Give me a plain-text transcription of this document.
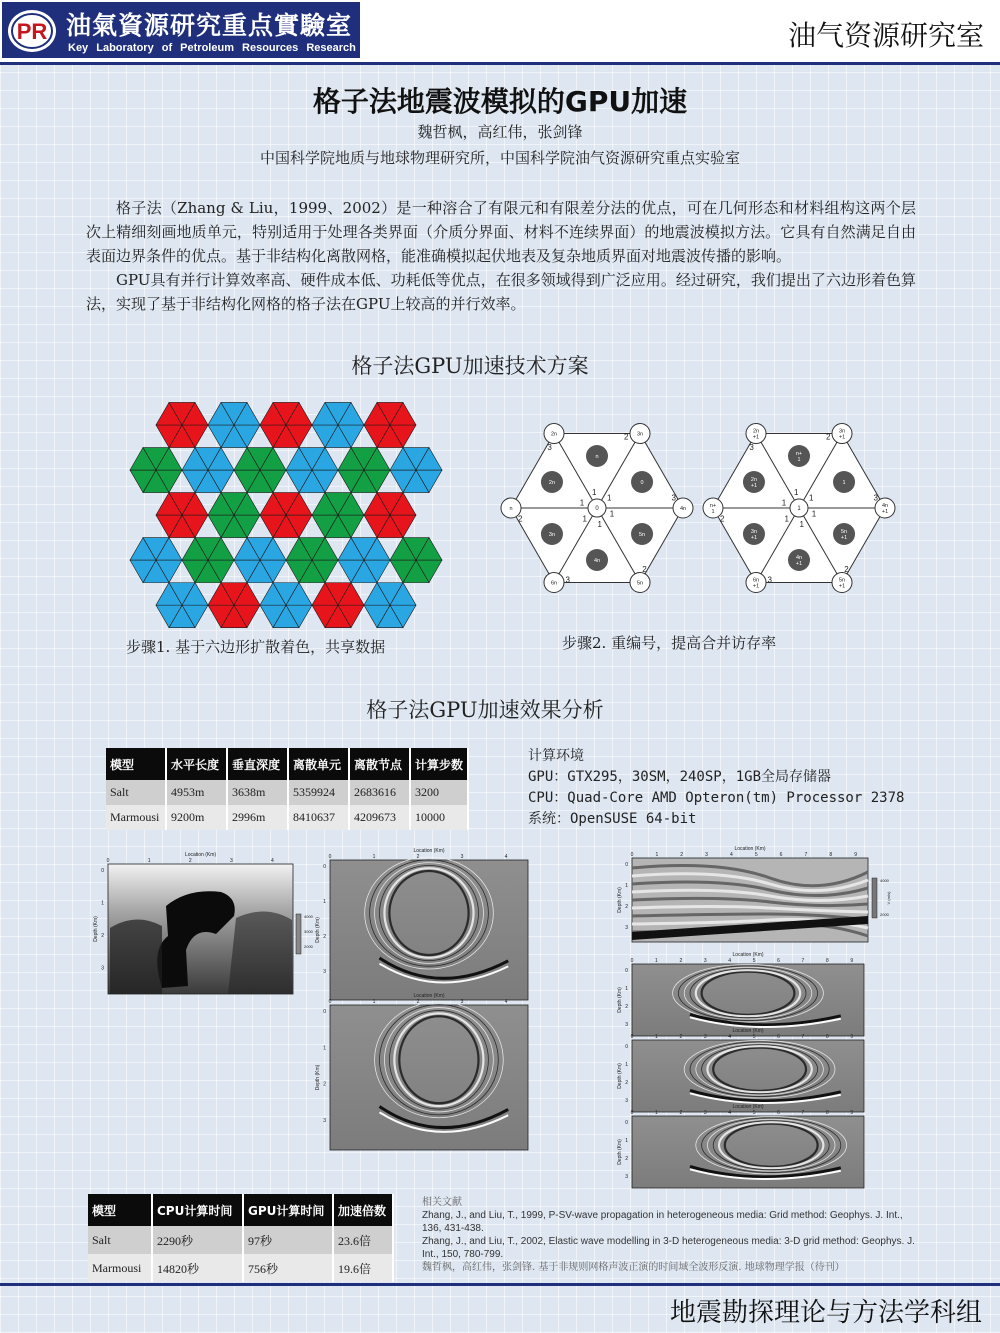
PR 油氣資源研究重点實驗室
Key Laboratory of Petroleum Resources Research	油气资源研究室
格子法地震波模拟的GPU加速
魏哲枫，高红伟，张剑锋
中国科学院地质与地球物理研究所，中国科学院油气资源研究重点实验室

格子法（Zhang & Liu，1999、2002）是一种溶合了有限元和有限差分法的优点，可在几何形态和材料组构这两个层次上精细刻画地质单元，特别适用于处理各类界面（介质分界面、材料不连续界面）的地震波模拟方法。它具有自然满足自由表面边界条件的优点。基于非结构化离散网格，能准确模拟起伏地表及复杂地质界面对地震波传播的影响。

GPU具有并行计算效率高、硬件成本低、功耗低等优点，在很多领域得到广泛应用。经过研究，我们提出了六边形着色算法，实现了基于非结构化网格的格子法在GPU上较高的并行效率。

格子法GPU加速技术方案
n
0
5n
4n
3n
2n
3n
2n
n
6n	5n
4n
0
1
2
1
3
1
2
1
3
1
2
1
3
n+
1
1
5n
+1
4n
+1
3n
+1
2n
+1
3n
+1
2n
+1
n+
1
6n
+1
5n
+1
4n
+1
1
1
2
1
3
1
2
1
3
1
2
1
3
步骤1. 基于六边形扩散着色，共享数据	步骤2. 重编号，提高合并访存率
格子法GPU加速效果分析
模型	水平长度	垂直深度	离散单元	离散节点	计算步数
Salt	4953m	3638m	5359924	2683616	3200
Marmousi	9200m	2996m	8410637	4209673	10000
计算环境
GPU：GTX295，30SM，240SP，1GB全局存储器
CPU：Quad-Core AMD Opteron(tm) Processor 2378
系统：OpenSUSE 64-bit
Location (Km)
0	1	2	3	4
0
1
2
3
Depth (Km)	4000
3000
2000
Location (Km)
0	1	2	3	4
0
1
2
3
Depth (Km)
Location (Km)
0	1	2	3	4
0
1
2
3
Depth (Km)
Location (Km)
0	1	2	3	4	5	6	7	8	9
0
1
2
3
Depth (Km)
4000
2000
V (m/s)
Location (Km)
0	1	2	3	4	5	6	7	8	9
0
1
2
3
Depth (Km)
Location (Km)
0	1	2	3	4	5	6	7	8	9
0
1
2
3
Depth (Km)
Location (Km)
0	1	2	3	4	5	6	7	8	9
0
1
2
3
Depth (Km)
模型	CPU计算时间	GPU计算时间	加速倍数
Salt	2290秒	97秒	23.6倍
Marmousi	14820秒	756秒	19.6倍
相关文献
Zhang, J., and Liu, T., 1999, P-SV-wave propagation in heterogeneous media: Grid method: Geophys. J. Int., 136, 431-438.
Zhang, J., and Liu, T., 2002, Elastic wave modelling in 3-D heterogeneous media: 3-D grid method: Geophys. J. Int., 150, 780-799.
魏哲枫，高红伟，张剑锋. 基于非规则网格声波正演的时间域全波形反演. 地球物理学报（待刊）
地震勘探理论与方法学科组
